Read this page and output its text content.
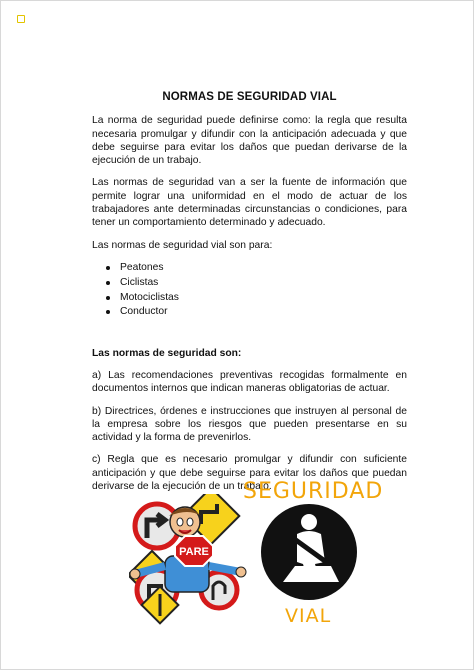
NORMAS DE SEGURIDAD VIAL

La norma de seguridad puede definirse como: la regla que resulta necesaria promulgar y difundir con la anticipación adecuada y que debe seguirse para evitar los daños que puedan derivarse de la ejecución de un trabajo.

Las normas de seguridad van a ser la fuente de información que permite lograr una uniformidad en el modo de actuar de los trabajadores ante determinadas circunstancias o condiciones, para tener un comportamiento determinado y adecuado.

Las normas de seguridad vial son para:

Peatones
Ciclistas
Motociclistas
Conductor

Las normas de seguridad son:

a) Las recomendaciones preventivas recogidas formalmente en documentos internos que indican maneras obligatorias de actuar.

b) Directrices, órdenes e instrucciones que instruyen al personal de la empresa sobre los riesgos que pueden presentarse en su actividad y la forma de prevenirlos.

c) Regla que es necesario promulgar y difundir con suficiente anticipación y que debe seguirse para evitar los daños que puedan derivarse de la ejecución de un trabajo.

PARE
SEGURIDAD
VIAL
